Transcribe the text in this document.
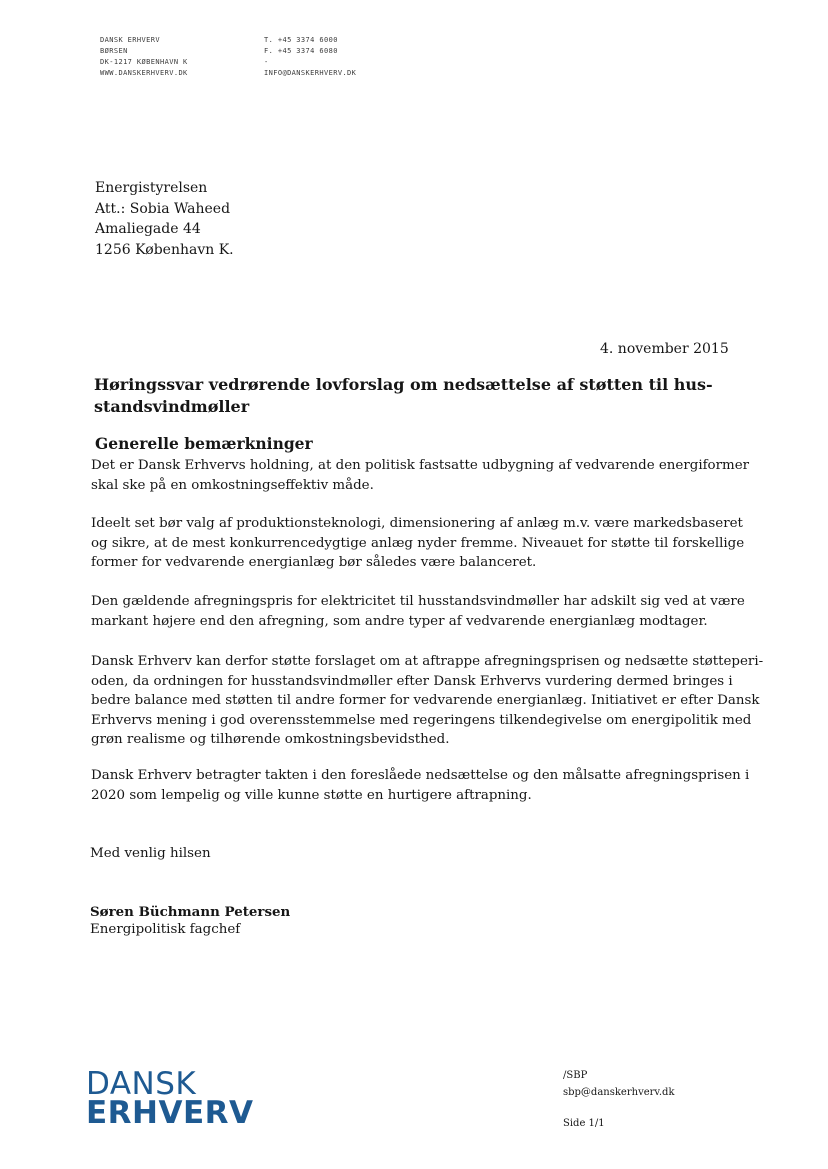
DANSK ERHVERV
BØRSEN
DK-1217 KØBENHAVN K
WWW.DANSKERHVERV.DK
T. +45 3374 6000
F. +45 3374 6080
-
INFO@DANSKERHVERV.DK
Energistyrelsen
Att.: Sobia Waheed
Amaliegade 44
1256 København K.
4. november 2015
Høringssvar vedrørende lovforslag om nedsættelse af støtten til hus-
standsvindmøller
Generelle bemærkninger
Det er Dansk Erhvervs holdning, at den politisk fastsatte udbygning af vedvarende energiformer
skal ske på en omkostningseffektiv måde.
Ideelt set bør valg af produktionsteknologi, dimensionering af anlæg m.v. være markedsbaseret
og sikre, at de mest konkurrencedygtige anlæg nyder fremme. Niveauet for støtte til forskellige
former for vedvarende energianlæg bør således være balanceret.
Den gældende afregningspris for elektricitet til husstandsvindmøller har adskilt sig ved at være
markant højere end den afregning, som andre typer af vedvarende energianlæg modtager.
Dansk Erhverv kan derfor støtte forslaget om at aftrappe afregningsprisen og nedsætte støtteperi-
oden, da ordningen for husstandsvindmøller efter Dansk Erhvervs vurdering dermed bringes i
bedre balance med støtten til andre former for vedvarende energianlæg. Initiativet er efter Dansk
Erhvervs mening i god overensstemmelse med regeringens tilkendegivelse om energipolitik med
grøn realisme og tilhørende omkostningsbevidsthed.
Dansk Erhverv betragter takten i den foreslåede nedsættelse og den målsatte afregningsprisen i
2020 som lempelig og ville kunne støtte en hurtigere aftrapning.
Med venlig hilsen
Søren Büchmann Petersen
Energipolitisk fagchef
DANSK
ERHVERV
/SBP
sbp@danskerhverv.dk
Side 1/1
